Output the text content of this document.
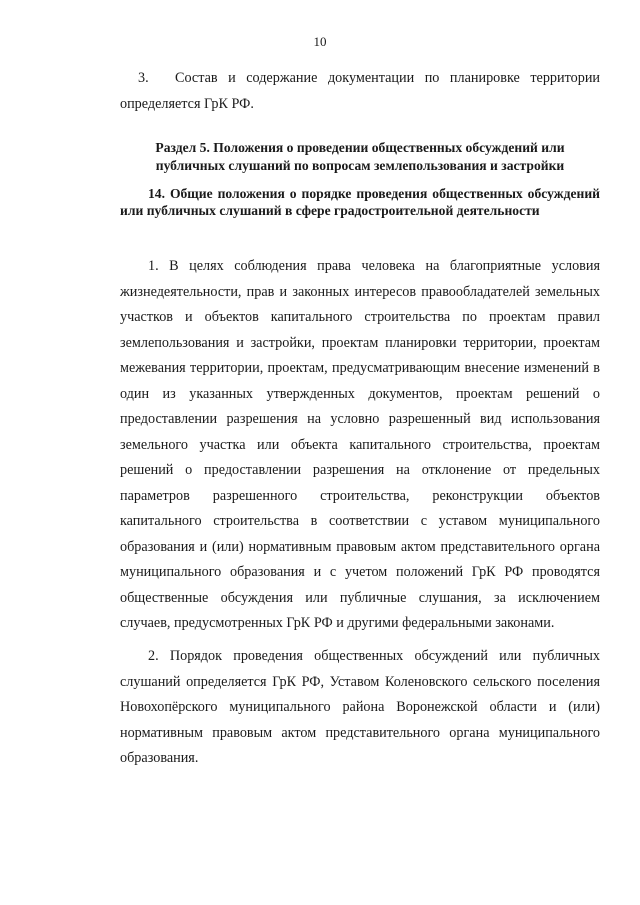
10

3. Состав и содержание документации по планировке территории определяется ГрК РФ.

Раздел 5. Положения о проведении общественных обсуждений или публичных слушаний по вопросам землепользования и застройки
14. Общие положения о порядке проведения общественных обсуждений или публичных слушаний в сфере градостроительной деятельности

1. В целях соблюдения права человека на благоприятные условия жизнедеятельности, прав и законных интересов правообладателей земельных участков и объектов капитального строительства по проектам правил землепользования и застройки, проектам планировки территории, проектам межевания территории, проектам, предусматривающим внесение изменений в один из указанных утвержденных документов, проектам решений о предоставлении разрешения на условно разрешенный вид использования земельного участка или объекта капитального строительства, проектам решений о предоставлении разрешения на отклонение от предельных параметров разрешенного строительства, реконструкции объектов капитального строительства в соответствии с уставом муниципального образования и (или) нормативным правовым актом представительного органа муниципального образования и с учетом положений ГрК РФ проводятся общественные обсуждения или публичные слушания, за исключением случаев, предусмотренных ГрК РФ и другими федеральными законами.

2. Порядок проведения общественных обсуждений или публичных слушаний определяется ГрК РФ, Уставом Коленовского сельского поселения Новохопёрского муниципального района Воронежской области и (или) нормативным правовым актом представительного органа муниципального образования.
